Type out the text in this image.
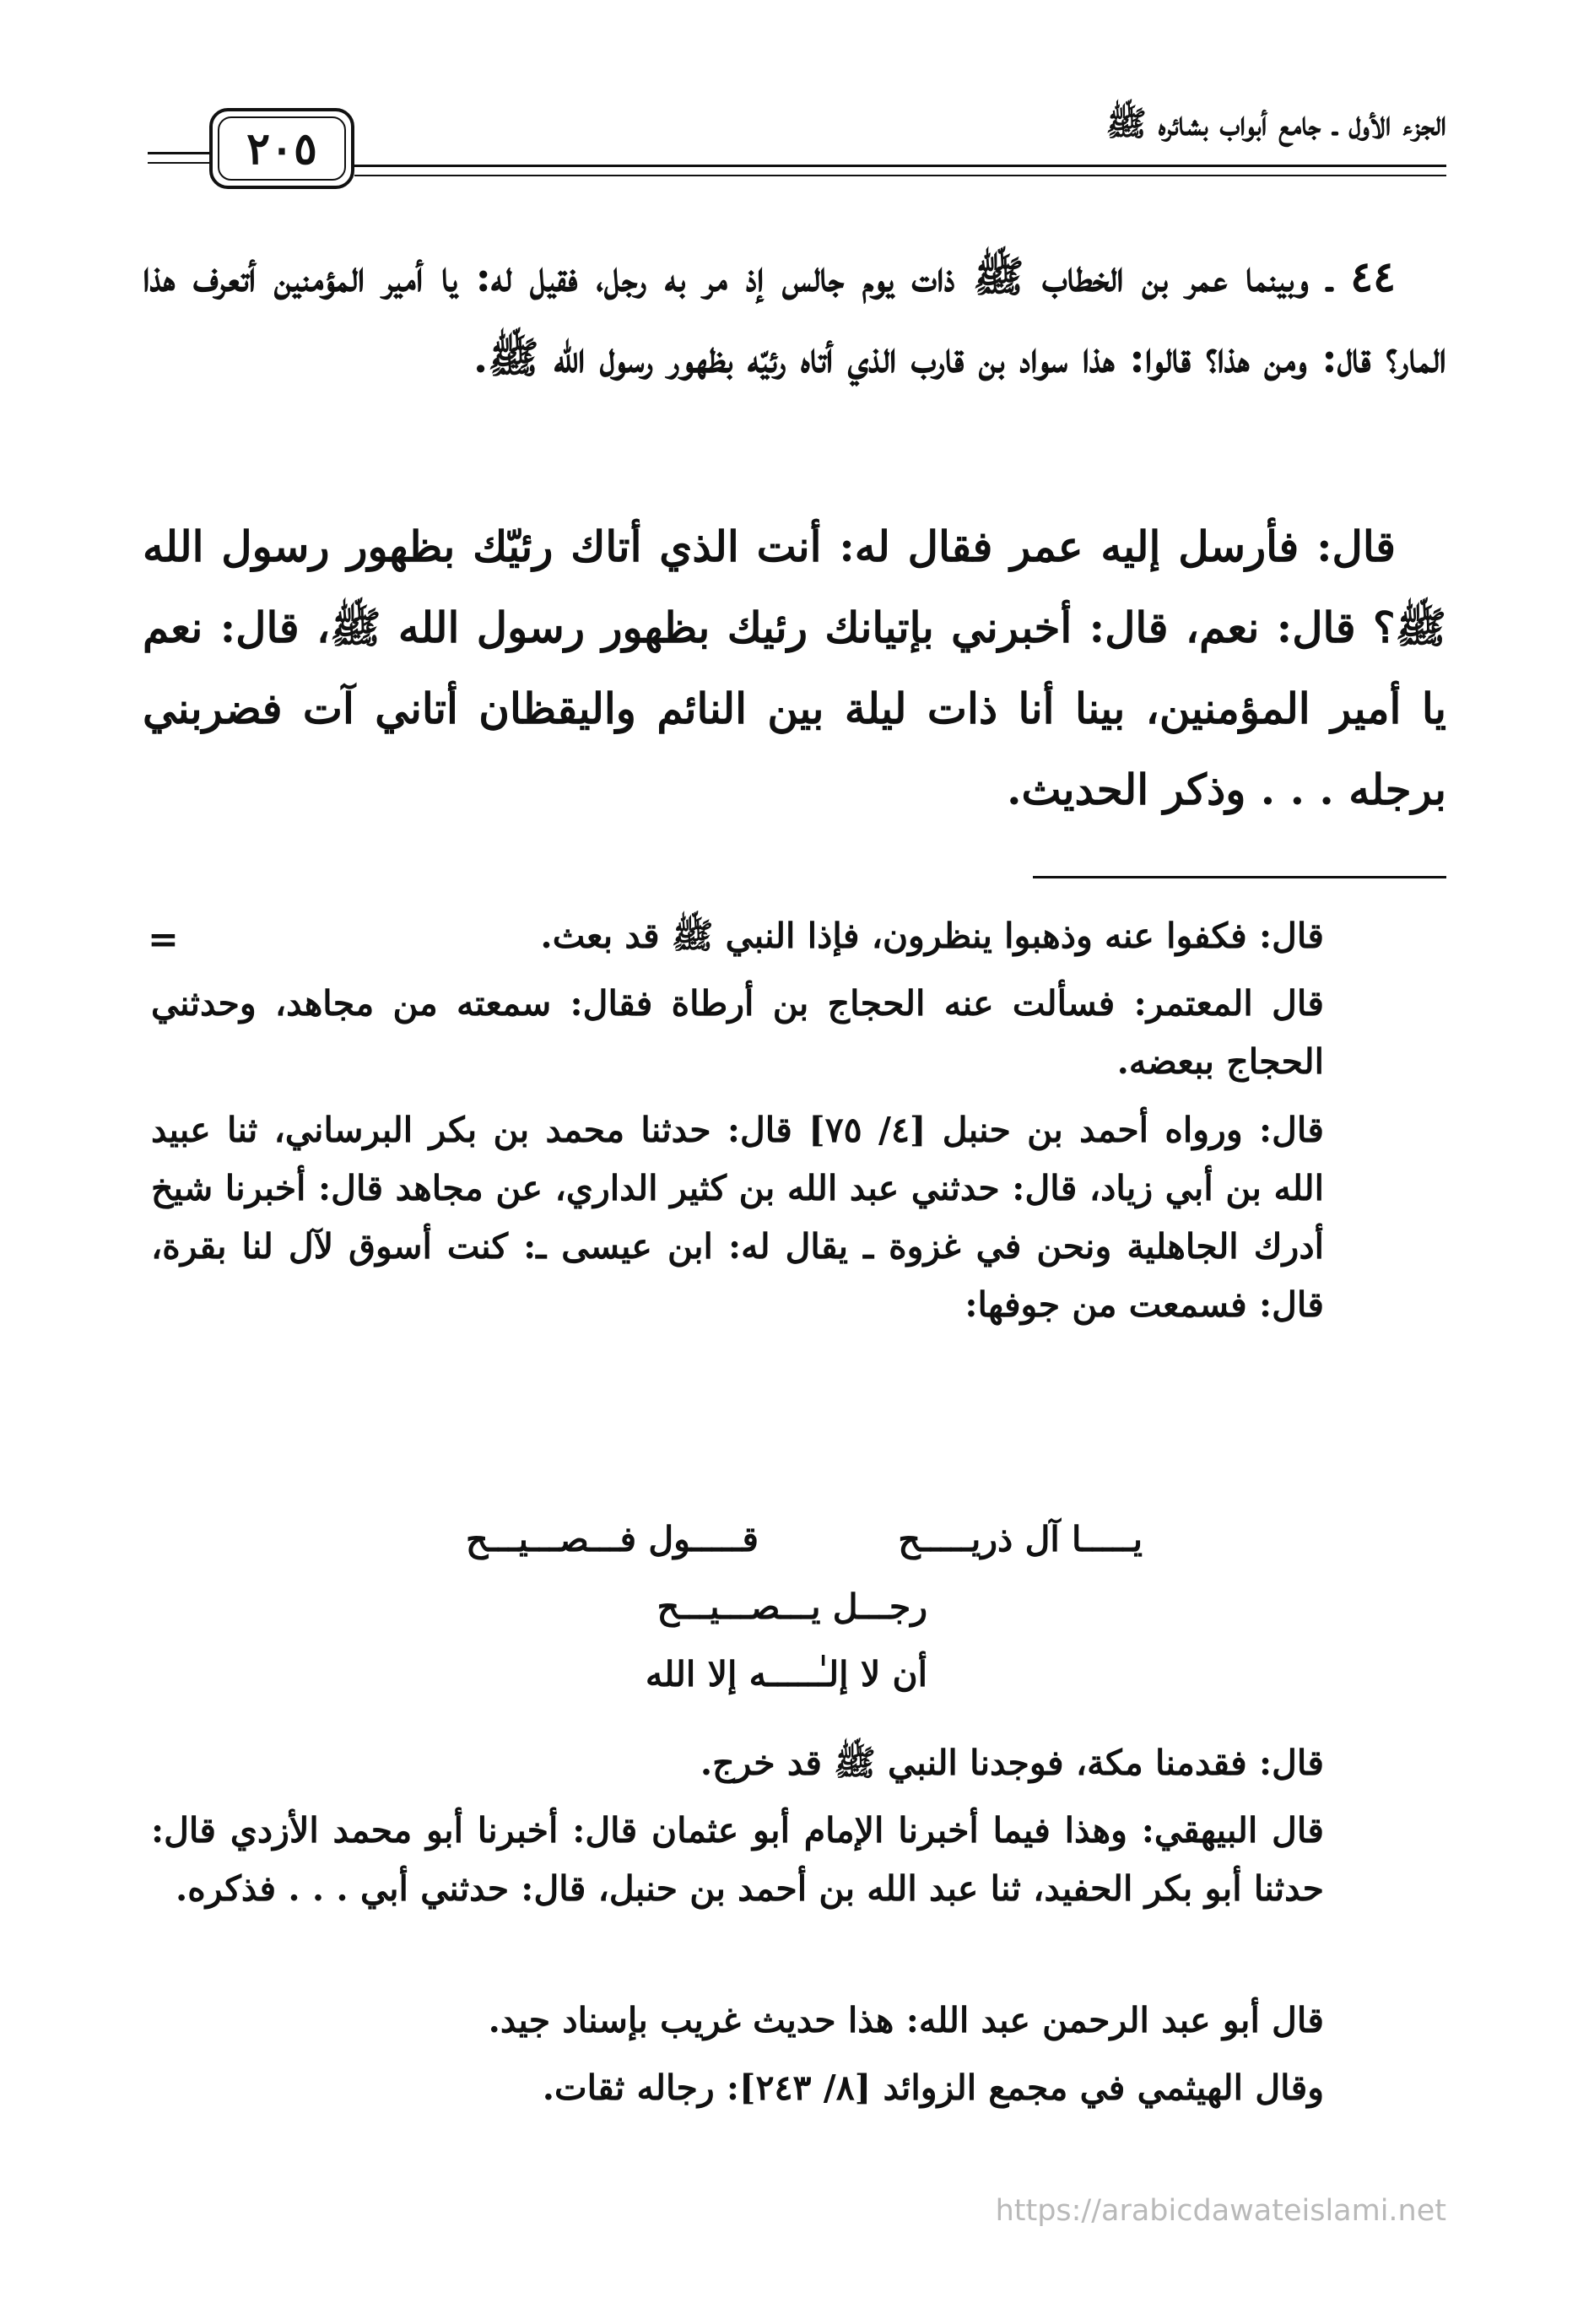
الجزء الأول ـ جامع أبواب بشائره ﷺ
٢٠٥
٤٤ ـ وبينما عمر بن الخطاب ﷺ ذات يوم جالس إذ مر به رجل، فقيل له: يا أمير المؤمنين أتعرف هذا المار؟ قال: ومن هذا؟ قالوا: هذا سواد بن قارب الذي أتاه رئيّه بظهور رسول الله ﷺ.
قال: فأرسل إليه عمر فقال له: أنت الذي أتاك رئيّك بظهور رسول الله ﷺ؟ قال: نعم، قال: أخبرني بإتيانك رئيك بظهور رسول الله ﷺ، قال: نعم يا أمير المؤمنين، بينا أنا ذات ليلة بين النائم واليقظان أتاني آت فضربني برجله . . . وذكر الحديث.
=	قال: فكفوا عنه وذهبوا ينظرون، فإذا النبي ﷺ قد بعث.
قال المعتمر: فسألت عنه الحجاج بن أرطاة فقال: سمعته من مجاهد، وحدثني الحجاج ببعضه.
قال: ورواه أحمد بن حنبل [٤/ ٧٥] قال: حدثنا محمد بن بكر البرساني، ثنا عبيد الله بن أبي زياد، قال: حدثني عبد الله بن كثير الداري، عن مجاهد قال: أخبرنا شيخ أدرك الجاهلية ونحن في غزوة ـ يقال له: ابن عيسى ـ: كنت أسوق لآل لنا بقرة، قال: فسمعت من جوفها:
يـــــا آل ذريـــــح
قـــــول فـــصـــيـــح
رجـــل يـــصـــيـــح
أن لا إلـٰـــــه إلا الله
قال: فقدمنا مكة، فوجدنا النبي ﷺ قد خرج.
قال البيهقي: وهذا فيما أخبرنا الإمام أبو عثمان قال: أخبرنا أبو محمد الأزدي قال: حدثنا أبو بكر الحفيد، ثنا عبد الله بن أحمد بن حنبل، قال: حدثني أبي . . . فذكره.
قال أبو عبد الرحمن عبد الله: هذا حديث غريب بإسناد جيد.
وقال الهيثمي في مجمع الزوائد [٨/ ٢٤٣]: رجاله ثقات.
https://arabicdawateislami.net
